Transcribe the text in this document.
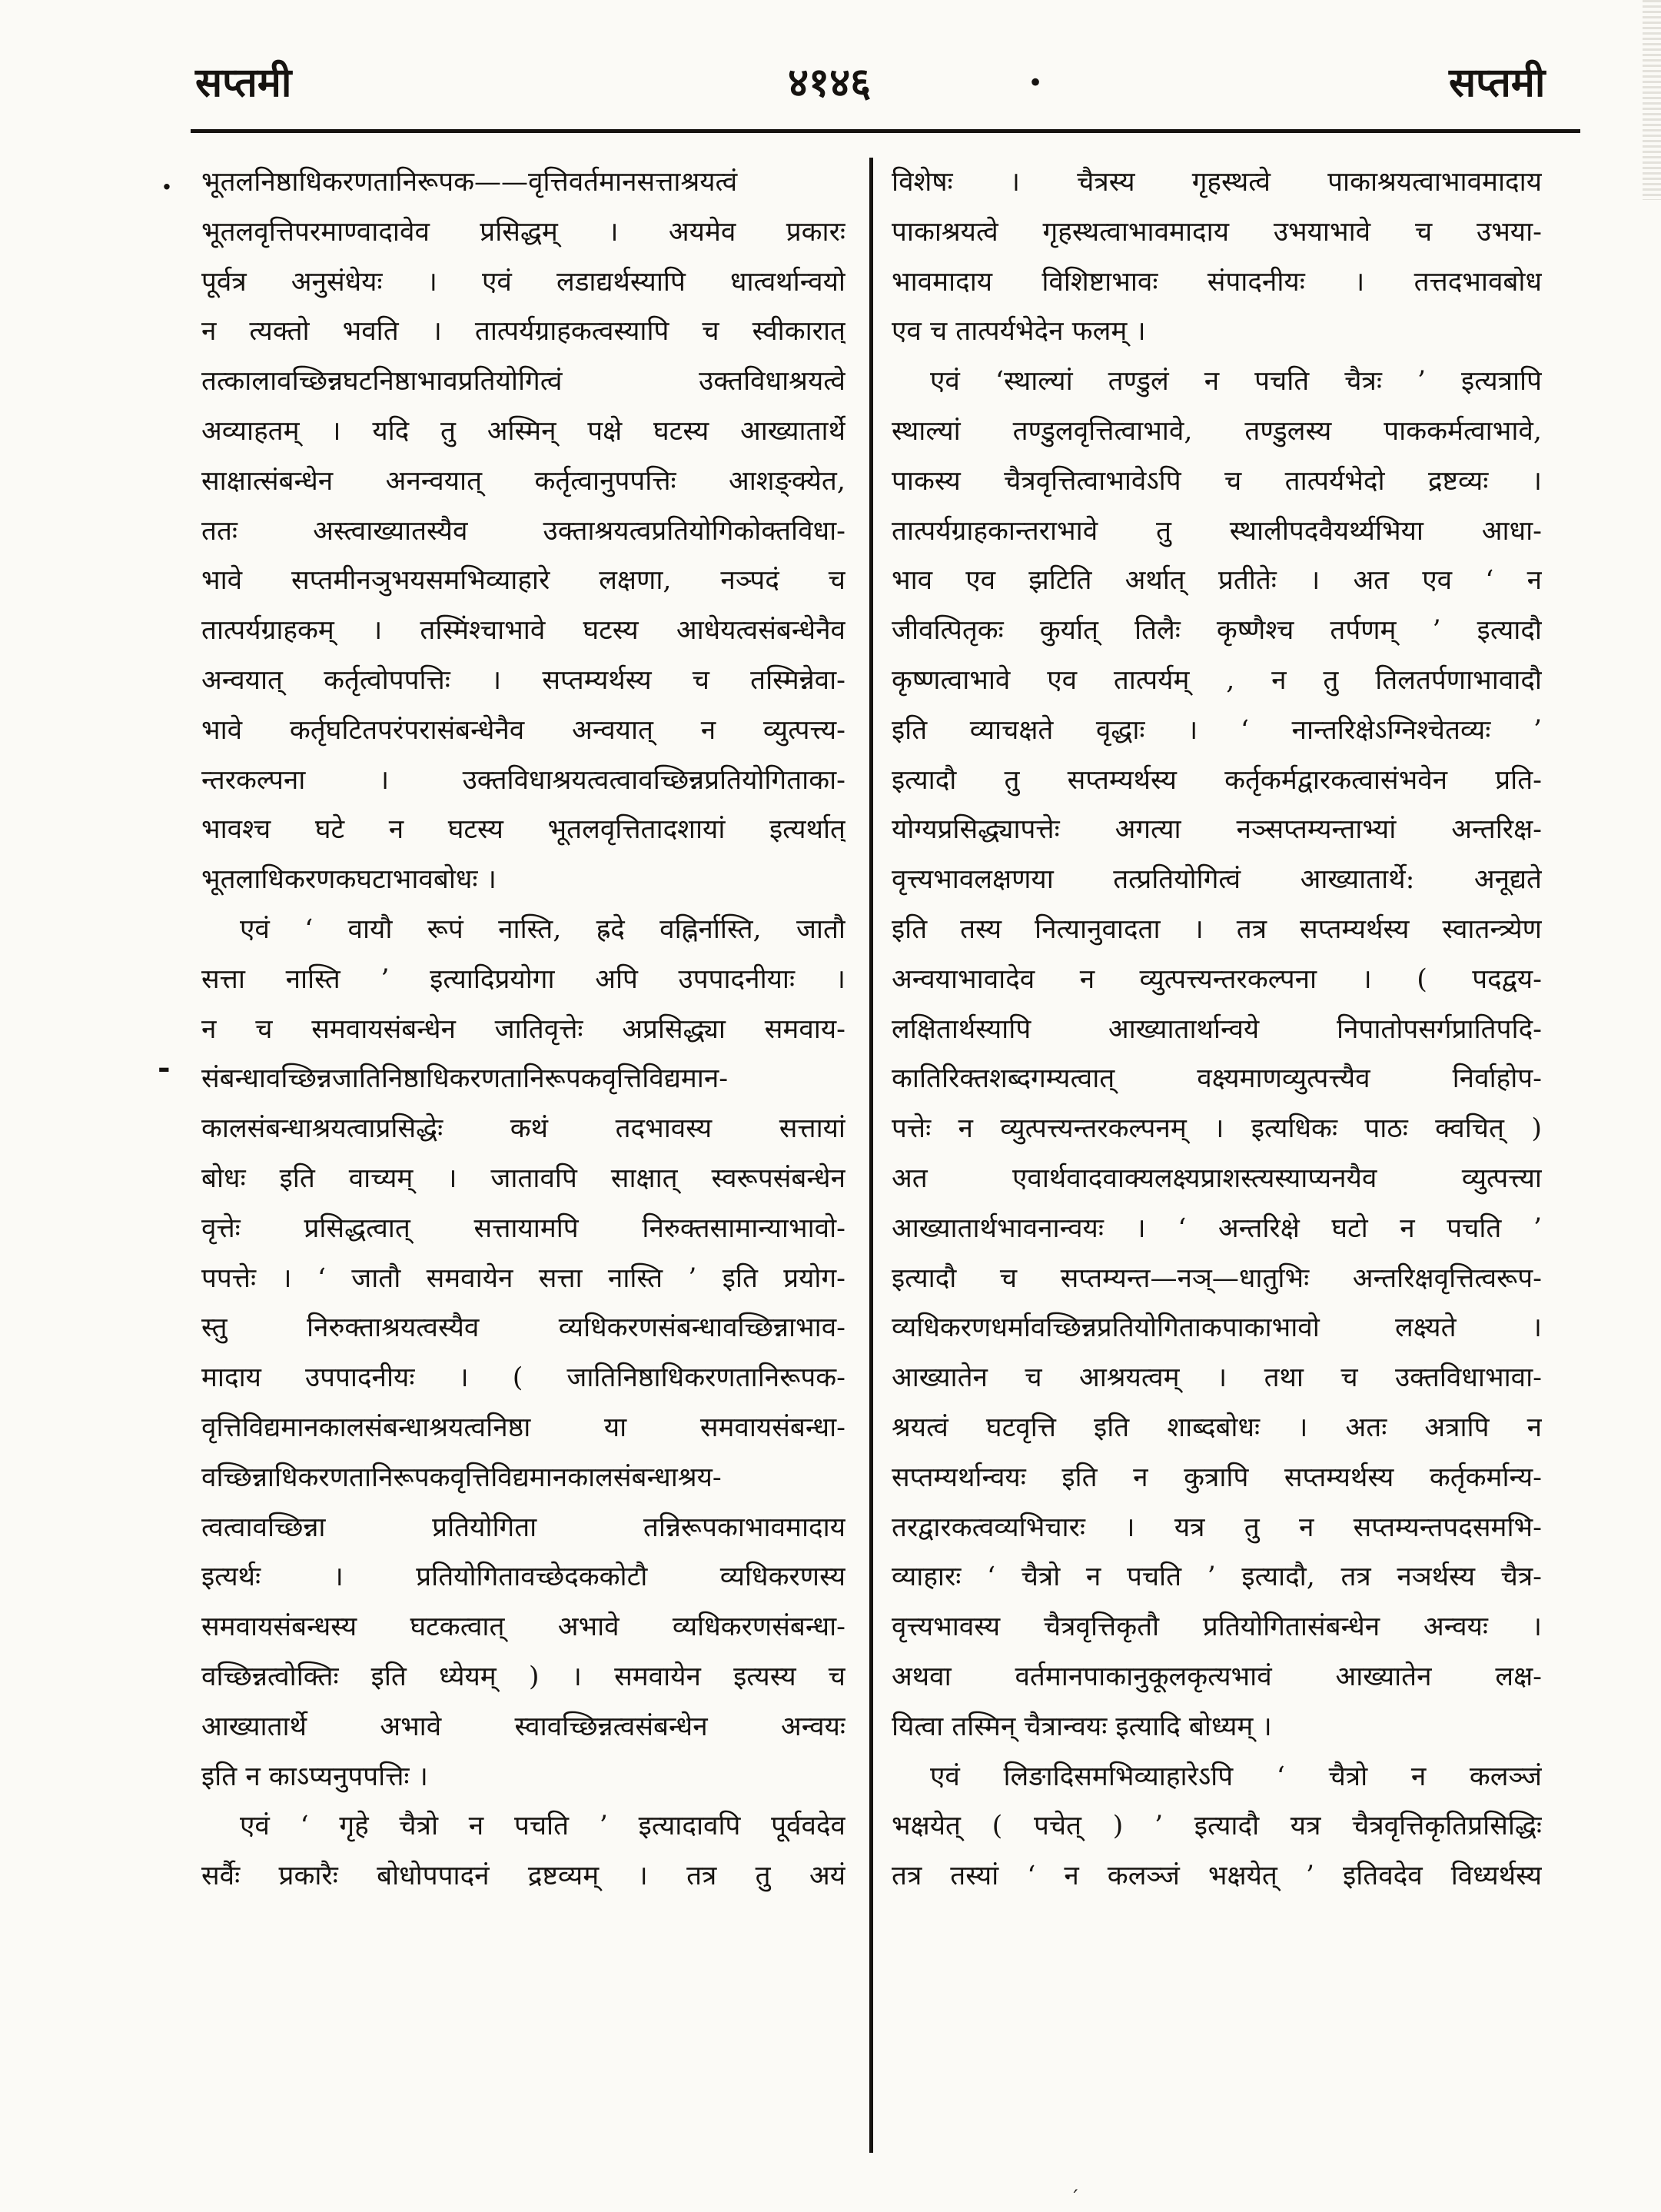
सप्तमी	४१४६	·	सप्तमी
·
-
भूतलनिष्ठाधिकरणतानिरूपक——वृत्तिवर्तमानसत्ताश्रयत्वं
भूतलवृत्तिपरमाण्वादावेव प्रसिद्धम् । अयमेव प्रकारः
पूर्वत्र अनुसंधेयः । एवं लडाद्यर्थस्यापि धात्वर्थान्वयो
न त्यक्तो भवति । तात्पर्यग्राहकत्वस्यापि च स्वीकारात्
तत्कालावच्छिन्नघटनिष्ठाभावप्रतियोगित्वं उक्तविधाश्रयत्वे
अव्याहतम् । यदि तु अस्मिन् पक्षे घटस्य आख्यातार्थे
साक्षात्संबन्धेन अनन्वयात् कर्तृत्वानुपपत्तिः आशङ्क्येत,
ततः अस्त्वाख्यातस्यैव उक्ताश्रयत्वप्रतियोगिकोक्तविधा-
भावे सप्तमीनञुभयसमभिव्याहारे लक्षणा, नञ्पदं च
तात्पर्यग्राहकम् । तस्मिंश्चाभावे घटस्य आधेयत्वसंबन्धेनैव
अन्वयात् कर्तृत्वोपपत्तिः । सप्तम्यर्थस्य च तस्मिन्नेवा-
भावे कर्तृघटितपरंपरासंबन्धेनैव अन्वयात् न व्युत्पत्त्य-
न्तरकल्पना । उक्तविधाश्रयत्वत्वावच्छिन्नप्रतियोगिताका-
भावश्च घटे न घटस्य भूतलवृत्तितादशायां इत्यर्थात्
भूतलाधिकरणकघटाभावबोधः ।
एवं ‘ वायौ रूपं नास्ति, ह्रदे वह्निर्नास्ति, जातौ
सत्ता नास्ति ’ इत्यादिप्रयोगा अपि उपपादनीयाः ।
न च समवायसंबन्धेन जातिवृत्तेः अप्रसिद्ध्या समवाय-
संबन्धावच्छिन्नजातिनिष्ठाधिकरणतानिरूपकवृत्तिविद्यमान-
कालसंबन्धाश्रयत्वाप्रसिद्धेः कथं तदभावस्य सत्तायां
बोधः इति वाच्यम् । जातावपि साक्षात् स्वरूपसंबन्धेन
वृत्तेः प्रसिद्धत्वात् सत्तायामपि निरुक्तसामान्याभावो-
पपत्तेः । ‘ जातौ समवायेन सत्ता नास्ति ’ इति प्रयोग-
स्तु निरुक्ताश्रयत्वस्यैव व्यधिकरणसंबन्धावच्छिन्नाभाव-
मादाय उपपादनीयः । ( जातिनिष्ठाधिकरणतानिरूपक-
वृत्तिविद्यमानकालसंबन्धाश्रयत्वनिष्ठा या समवायसंबन्धा-
वच्छिन्नाधिकरणतानिरूपकवृत्तिविद्यमानकालसंबन्धाश्रय-
त्वत्वावच्छिन्ना प्रतियोगिता तन्निरूपकाभावमादाय
इत्यर्थः । प्रतियोगितावच्छेदककोटौ व्यधिकरणस्य
समवायसंबन्धस्य घटकत्वात् अभावे व्यधिकरणसंबन्धा-
वच्छिन्नत्वोक्तिः इति ध्येयम् ) । समवायेन इत्यस्य च
आख्यातार्थे अभावे स्वावच्छिन्नत्वसंबन्धेन अन्वयः
इति न काऽप्यनुपपत्तिः ।
एवं ‘ गृहे चैत्रो न पचति ’ इत्यादावपि पूर्ववदेव
सर्वैः प्रकारैः बोधोपपादनं द्रष्टव्यम् । तत्र तु अयं
विशेषः । चैत्रस्य गृहस्थत्वे पाकाश्रयत्वाभावमादाय
पाकाश्रयत्वे गृहस्थत्वाभावमादाय उभयाभावे च उभया-
भावमादाय विशिष्टाभावः संपादनीयः । तत्तदभावबोध
एव च तात्पर्यभेदेन फलम् ।
एवं ‘स्थाल्यां तण्डुलं न पचति चैत्रः ’ इत्यत्रापि
स्थाल्यां तण्डुलवृत्तित्वाभावे, तण्डुलस्य पाककर्मत्वाभावे,
पाकस्य चैत्रवृत्तित्वाभावेऽपि च तात्पर्यभेदो द्रष्टव्यः ।
तात्पर्यग्राहकान्तराभावे तु स्थालीपदवैयर्थ्यभिया आधा-
भाव एव झटिति अर्थात् प्रतीतेः । अत एव ‘ न
जीवत्पितृकः कुर्यात् तिलैः कृष्णैश्च तर्पणम् ’ इत्यादौ
कृष्णत्वाभावे एव तात्पर्यम् , न तु तिलतर्पणाभावादौ
इति व्याचक्षते वृद्धाः । ‘ नान्तरिक्षेऽग्निश्चेतव्यः ’
इत्यादौ तु सप्तम्यर्थस्य कर्तृकर्मद्वारकत्वासंभवेन प्रति-
योग्यप्रसिद्ध्यापत्तेः अगत्या नञ्सप्तम्यन्ताभ्यां अन्तरिक्ष-
वृत्त्यभावलक्षणया तत्प्रतियोगित्वं आख्यातार्थे: अनूद्यते
इति तस्य नित्यानुवादता । तत्र सप्तम्यर्थस्य स्वातन्त्र्येण
अन्वयाभावादेव न व्युत्पत्त्यन्तरकल्पना । ( पदद्वय-
लक्षितार्थस्यापि आख्यातार्थान्वये निपातोपसर्गप्रातिपदि-
कातिरिक्तशब्दगम्यत्वात् वक्ष्यमाणव्युत्पत्त्यैव निर्वाहोप-
पत्तेः न व्युत्पत्त्यन्तरकल्पनम् । इत्यधिकः पाठः क्वचित् )
अत एवार्थवादवाक्यलक्ष्यप्राशस्त्यस्याप्यनयैव व्युत्पत्त्या
आख्यातार्थभावनान्वयः । ‘ अन्तरिक्षे घटो न पचति ’
इत्यादौ च सप्तम्यन्त—नञ्—धातुभिः अन्तरिक्षवृत्तित्वरूप-
व्यधिकरणधर्मावच्छिन्नप्रतियोगिताकपाकाभावो लक्ष्यते ।
आख्यातेन च आश्रयत्वम् । तथा च उक्तविधाभावा-
श्रयत्वं घटवृत्ति इति शाब्दबोधः । अतः अत्रापि न
सप्तम्यर्थान्वयः इति न कुत्रापि सप्तम्यर्थस्य कर्तृकर्मान्य-
तरद्वारकत्वव्यभिचारः । यत्र तु न सप्तम्यन्तपदसमभि-
व्याहारः ‘ चैत्रो न पचति ’ इत्यादौ, तत्र नञर्थस्य चैत्र-
वृत्त्यभावस्य चैत्रवृत्तिकृतौ प्रतियोगितासंबन्धेन अन्वयः ।
अथवा वर्तमानपाकानुकूलकृत्यभावं आख्यातेन लक्ष-
यित्वा तस्मिन् चैत्रान्वयः इत्यादि बोध्यम् ।
एवं लिङादिसमभिव्याहारेऽपि ‘ चैत्रो न कलञ्जं
भक्षयेत् ( पचेत् ) ’ इत्यादौ यत्र चैत्रवृत्तिकृतिप्रसिद्धिः
तत्र तस्यां ‘ न कलञ्जं भक्षयेत् ’ इतिवदेव विध्यर्थस्य
´
